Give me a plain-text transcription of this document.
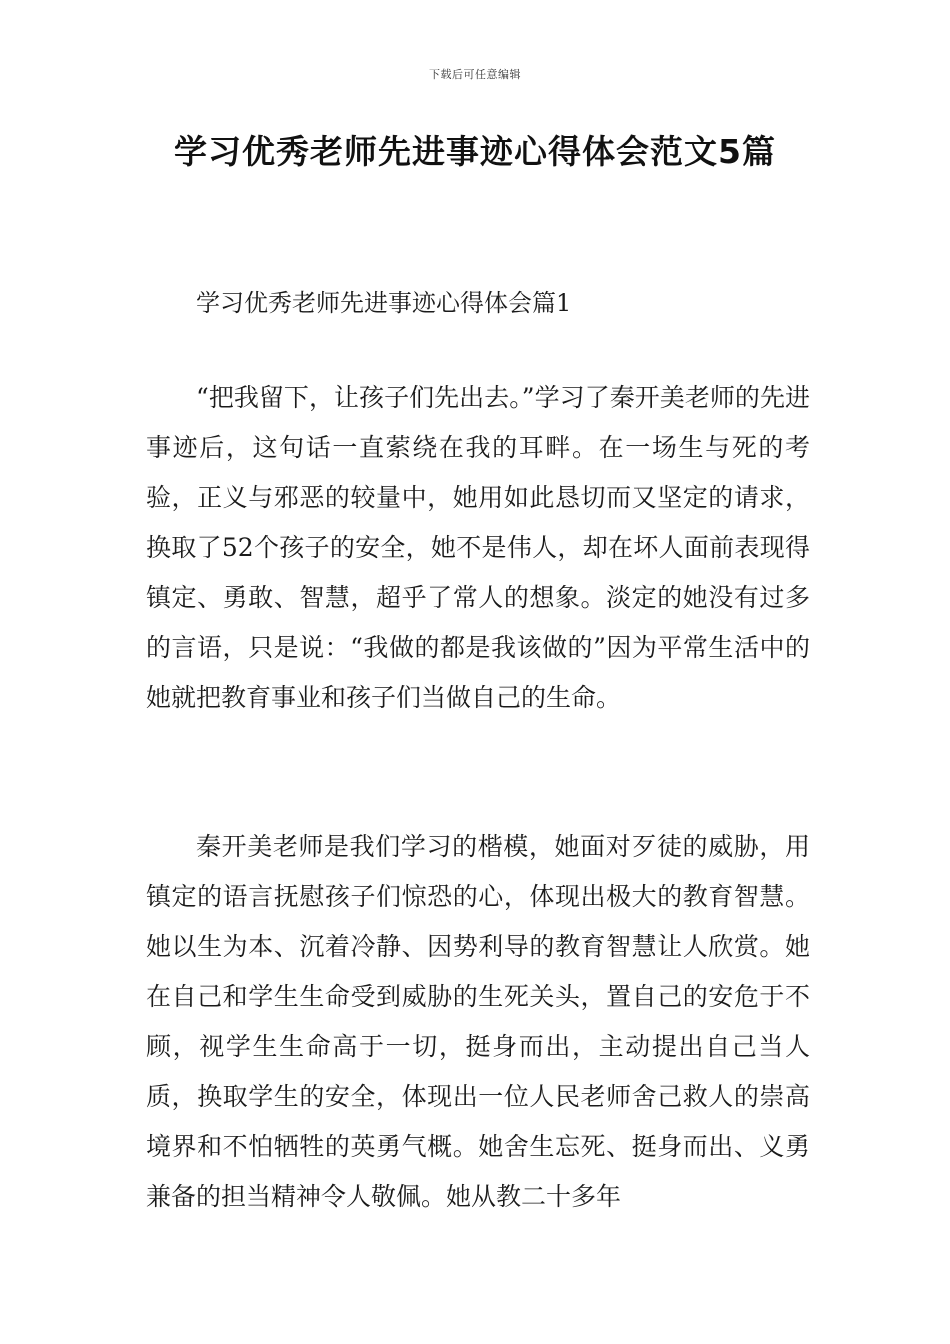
下载后可任意编辑
学习优秀老师先进事迹心得体会范文5篇
学习优秀老师先进事迹心得体会篇1

“把我留下，让孩子们先出去。”学习了秦开美老师的先进事迹后，这句话一直萦绕在我的耳畔。在一场生与死的考验，正义与邪恶的较量中，她用如此恳切而又坚定的请求，换取了52个孩子的安全，她不是伟人，却在坏人面前表现得镇定、勇敢、智慧，超乎了常人的想象。淡定的她没有过多的言语，只是说：“我做的都是我该做的”因为平常生活中的她就把教育事业和孩子们当做自己的生命。

秦开美老师是我们学习的楷模，她面对歹徒的威胁，用镇定的语言抚慰孩子们惊恐的心，体现出极大的教育智慧。她以生为本、沉着冷静、因势利导的教育智慧让人欣赏。她在自己和学生生命受到威胁的生死关头，置自己的安危于不顾，视学生生命高于一切，挺身而出，主动提出自己当人质，换取学生的安全，体现出一位人民老师舍己救人的崇高境界和不怕牺牲的英勇气概。她舍生忘死、挺身而出、义勇兼备的担当精神令人敬佩。她从教二十多年
